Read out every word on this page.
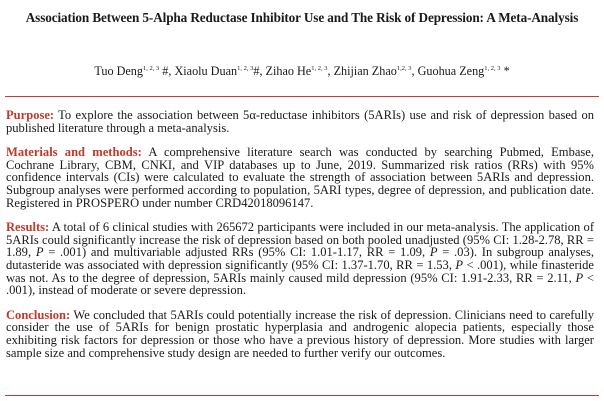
Association Between 5-Alpha Reductase Inhibitor Use and The Risk of Depression: A Meta-Analysis
Tuo Deng$^{1, 2, 3}$ #, Xiaolu Duan$^{1, 2, 3}$#, Zihao He$^{1, 2, 3}$, Zhijian Zhao$^{1,2, 3}$, Guohua Zeng$^{1, 2, 3}$ *

Purpose: To explore the association between 5α-reductase inhibitors (5ARIs) use and risk of depression based on published literature through a meta-analysis.

Materials and methods: A comprehensive literature search was conducted by searching Pubmed, Embase, Cochrane Library, CBM, CNKI, and VIP databases up to June, 2019. Summarized risk ratios (RRs) with 95% confidence intervals (CIs) were calculated to evaluate the strength of association between 5ARIs and depression. Subgroup analyses were performed according to population, 5ARI types, degree of depression, and publication date. Registered in PROSPERO under number CRD42018096147.

Results: A total of 6 clinical studies with 265672 participants were included in our meta-analysis. The application of 5ARIs could significantly increase the risk of depression based on both pooled unadjusted (95% CI: 1.28-2.78, RR = 1.89, P = .001) and multivariable adjusted RRs (95% CI: 1.01-1.17, RR = 1.09, P = .03). In subgroup analyses, dutasteride was associated with depression significantly (95% CI: 1.37-1.70, RR = 1.53, P < .001), while finasteride was not. As to the degree of depression, 5ARIs mainly caused mild depression (95% CI: 1.91-2.33, RR = 2.11, P < .001), instead of moderate or severe depression.

Conclusion: We concluded that 5ARIs could potentially increase the risk of depression. Clinicians need to carefully consider the use of 5ARIs for benign prostatic hyperplasia and androgenic alopecia patients, especially those exhibiting risk factors for depression or those who have a previous history of depression. More studies with larger sample size and comprehensive study design are needed to further verify our outcomes.
